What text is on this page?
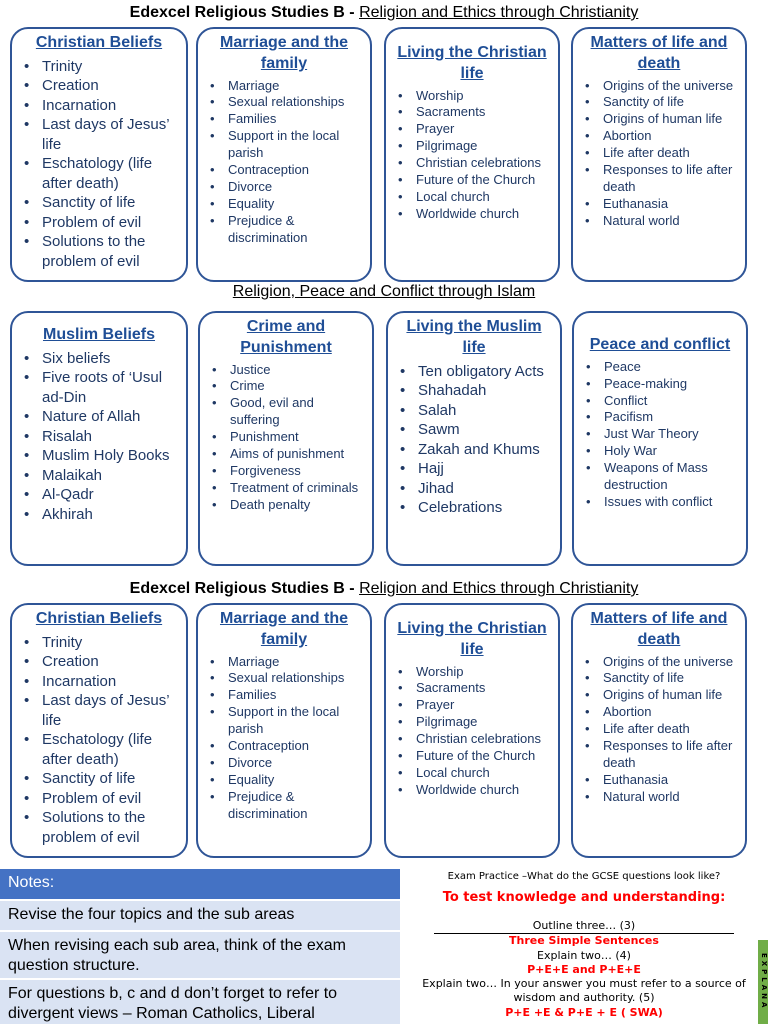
Edexcel Religious Studies B - Religion and Ethics through Christianity
Christian Beliefs
• Trinity
• Creation
• Incarnation
• Last days of Jesus’ life
• Eschatology (life after death)
• Sanctity of life
• Problem of evil
• Solutions to the problem of evil
Marriage and the family
• Marriage
• Sexual relationships
• Families
• Support in the local parish
• Contraception
• Divorce
• Equality
• Prejudice & discrimination
Living the Christian life
• Worship
• Sacraments
• Prayer
• Pilgrimage
• Christian celebrations
• Future of the Church
• Local church
• Worldwide church
Matters of life and death
• Origins of the universe
• Sanctity of life
• Origins of human life
• Abortion
• Life after death
• Responses to life after death
• Euthanasia
• Natural world
Religion, Peace and Conflict through Islam
Muslim Beliefs
• Six beliefs
• Five roots of ‘Usul ad-Din
• Nature of Allah
• Risalah
• Muslim Holy Books
• Malaikah
• Al-Qadr
• Akhirah
Crime and Punishment
• Justice
• Crime
• Good, evil and suffering
• Punishment
• Aims of punishment
• Forgiveness
• Treatment of criminals
• Death penalty
Living the Muslim life
• Ten obligatory Acts
• Shahadah
• Salah
• Sawm
• Zakah and Khums
• Hajj
• Jihad
• Celebrations
Peace and conflict
• Peace
• Peace-making
• Conflict
• Pacifism
• Just War Theory
• Holy War
• Weapons of Mass destruction
• Issues with conflict
Edexcel Religious Studies B - Religion and Ethics through Christianity
Christian Beliefs
• Trinity
• Creation
• Incarnation
• Last days of Jesus’ life
• Eschatology (life after death)
• Sanctity of life
• Problem of evil
• Solutions to the problem of evil
Marriage and the family
• Marriage
• Sexual relationships
• Families
• Support in the local parish
• Contraception
• Divorce
• Equality
• Prejudice & discrimination
Living the Christian life
• Worship
• Sacraments
• Prayer
• Pilgrimage
• Christian celebrations
• Future of the Church
• Local church
• Worldwide church
Matters of life and death
• Origins of the universe
• Sanctity of life
• Origins of human life
• Abortion
• Life after death
• Responses to life after death
• Euthanasia
• Natural world
Notes:
Revise the four topics and the sub areas
When revising each sub area, think of the exam question structure.
For questions b, c and d don’t forget to refer to divergent views – Roman Catholics, Liberal
Exam Practice –What do the GCSE questions look like?
To test knowledge and understanding:
Outline three… (3)
Three Simple Sentences
Explain two… (4)
P+E+E and P+E+E
Explain two… In your answer you must refer to a source of wisdom and authority. (5)
P+E +E & P+E + E ( SWA)
EXPLANA
